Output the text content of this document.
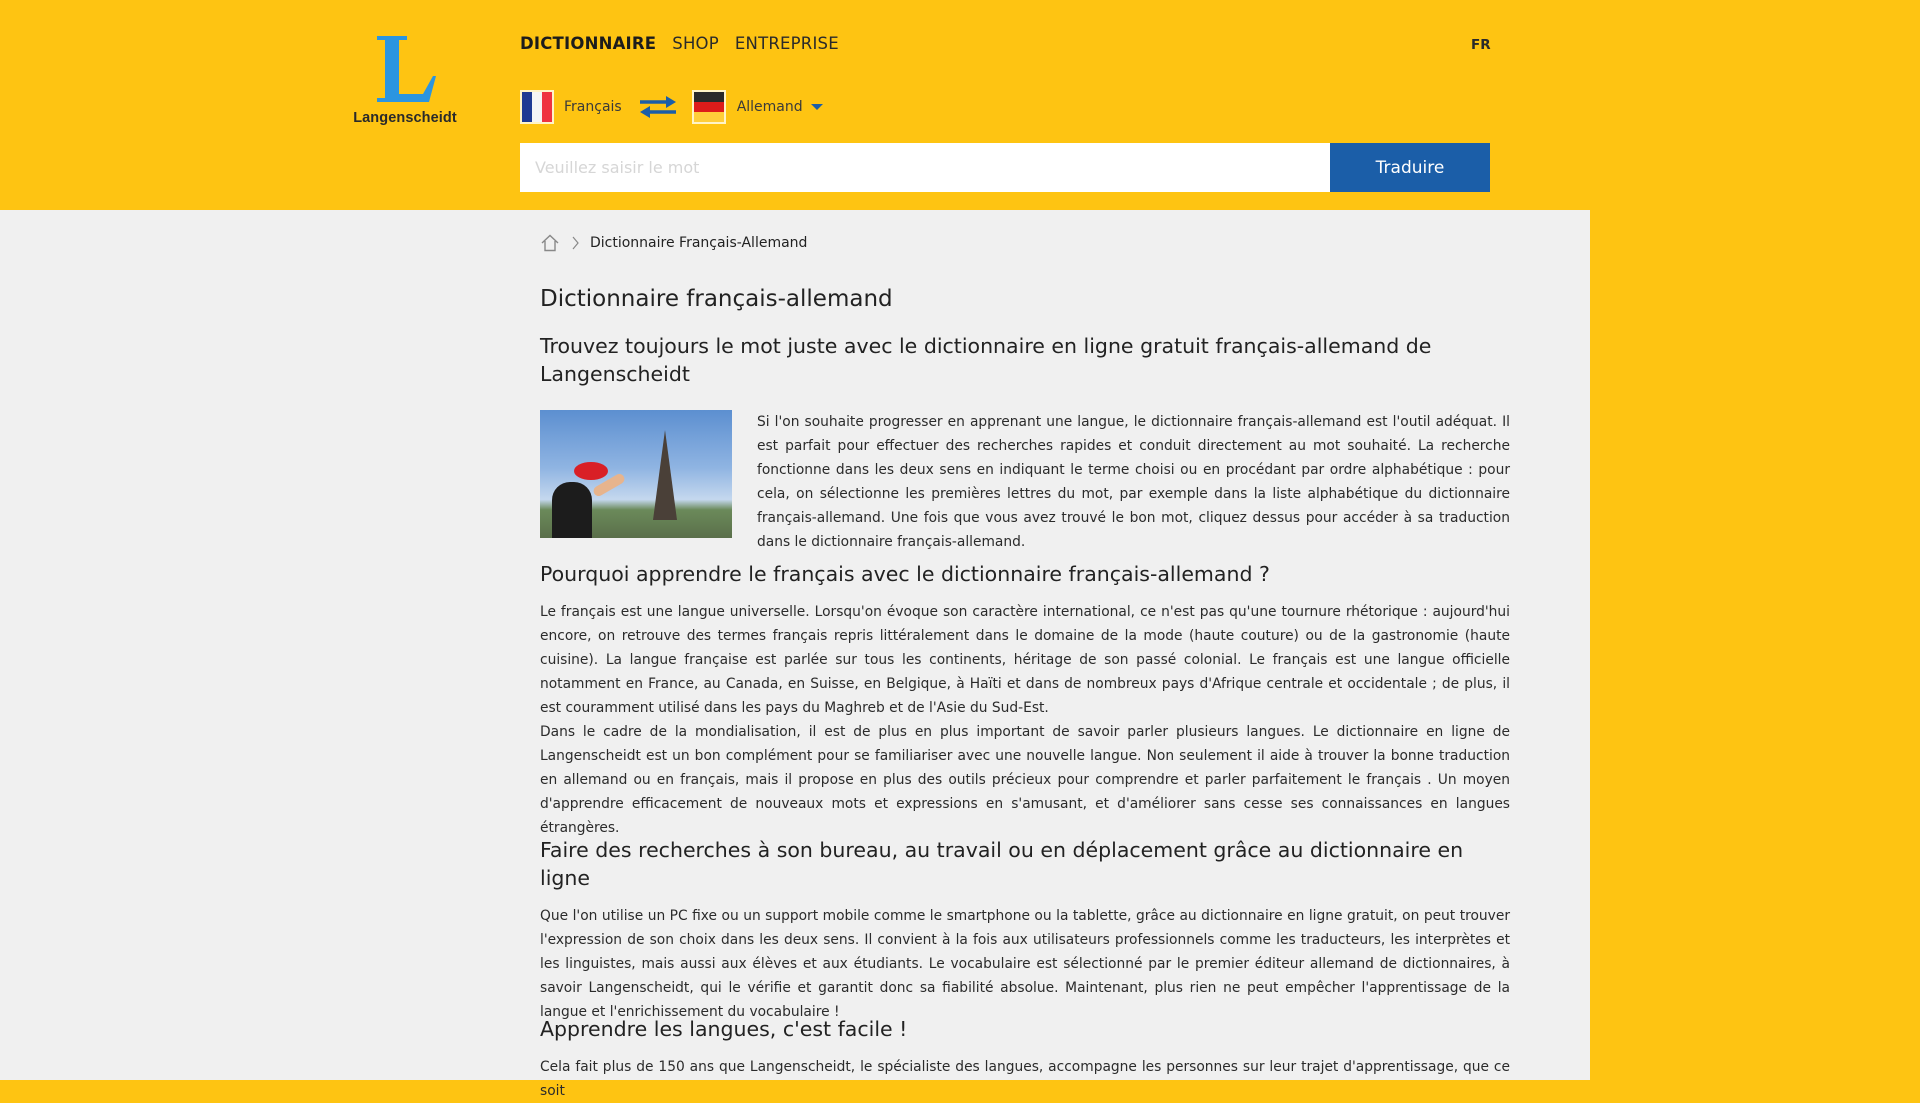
Langenscheidt
DICTIONNAIRE SHOP ENTREPRISE	FR
Français	Allemand
Veuillez saisir le mot
Traduire
Dictionnaire Français-Allemand
Dictionnaire français-allemand
Trouvez toujours le mot juste avec le dictionnaire en ligne gratuit français-allemand de Langenscheidt

Si l'on souhaite progresser en apprenant une langue, le dictionnaire français-allemand est l'outil adéquat. Il est parfait pour effectuer des recherches rapides et conduit directement au mot souhaité. La recherche fonctionne dans les deux sens en indiquant le terme choisi ou en procédant par ordre alphabétique : pour cela, on sélectionne les premières lettres du mot, par exemple dans la liste alphabétique du dictionnaire français-allemand. Une fois que vous avez trouvé le bon mot, cliquez dessus pour accéder à sa traduction dans le dictionnaire français-allemand.

Pourquoi apprendre le français avec le dictionnaire français-allemand ?

Le français est une langue universelle. Lorsqu'on évoque son caractère international, ce n'est pas qu'une tournure rhétorique : aujourd'hui encore, on retrouve des termes français repris littéralement dans le domaine de la mode (haute couture) ou de la gastronomie (haute cuisine). La langue française est parlée sur tous les continents, héritage de son passé colonial. Le français est une langue officielle notamment en France, au Canada, en Suisse, en Belgique, à Haïti et dans de nombreux pays d'Afrique centrale et occidentale ; de plus, il est couramment utilisé dans les pays du Maghreb et de l'Asie du Sud-Est.

Dans le cadre de la mondialisation, il est de plus en plus important de savoir parler plusieurs langues. Le dictionnaire en ligne de Langenscheidt est un bon complément pour se familiariser avec une nouvelle langue. Non seulement il aide à trouver la bonne traduction en allemand ou en français, mais il propose en plus des outils précieux pour comprendre et parler parfaitement le français . Un moyen d'apprendre efficacement de nouveaux mots et expressions en s'amusant, et d'améliorer sans cesse ses connaissances en langues étrangères.

Faire des recherches à son bureau, au travail ou en déplacement grâce au dictionnaire en ligne

Que l'on utilise un PC fixe ou un support mobile comme le smartphone ou la tablette, grâce au dictionnaire en ligne gratuit, on peut trouver l'expression de son choix dans les deux sens. Il convient à la fois aux utilisateurs professionnels comme les traducteurs, les interprètes et les linguistes, mais aussi aux élèves et aux étudiants. Le vocabulaire est sélectionné par le premier éditeur allemand de dictionnaires, à savoir Langenscheidt, qui le vérifie et garantit donc sa fiabilité absolue. Maintenant, plus rien ne peut empêcher l'apprentissage de la langue et l'enrichissement du vocabulaire !

Apprendre les langues, c'est facile !

Cela fait plus de 150 ans que Langenscheidt, le spécialiste des langues, accompagne les personnes sur leur trajet d'apprentissage, que ce soit
